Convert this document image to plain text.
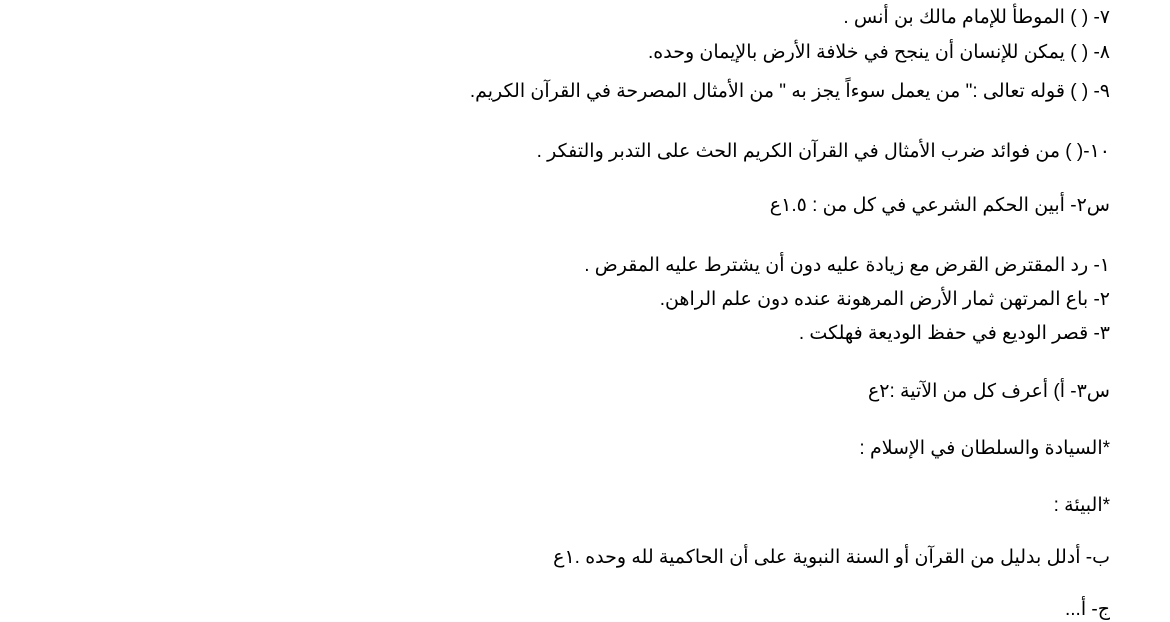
٧- ( ) الموطأ للإمام مالك بن أنس .
٨- ( ) يمكن للإنسان أن ينجح في خلافة الأرض بالإيمان وحده.
٩- ( ) قوله تعالى :" من يعمل سوءاً يجز به " من الأمثال المصرحة في القرآن الكريم.
١٠-( ) من فوائد ضرب الأمثال في القرآن الكريم الحث على التدبر والتفكر .
س٢- أبين الحكم الشرعي في كل من : ١.٥ع
١- رد المقترض القرض مع زيادة عليه دون أن يشترط عليه المقرض .
٢- باع المرتهن ثمار الأرض المرهونة عنده دون علم الراهن.
٣- قصر الوديع في حفظ الوديعة فهلكت .
س٣- أ) أعرف كل من الآتية :٢ع
*السيادة والسلطان في الإسلام :
*البيئة :
ب- أدلل بدليل من القرآن أو السنة النبوية على أن الحاكمية لله وحده .١ع
ج- أ...
